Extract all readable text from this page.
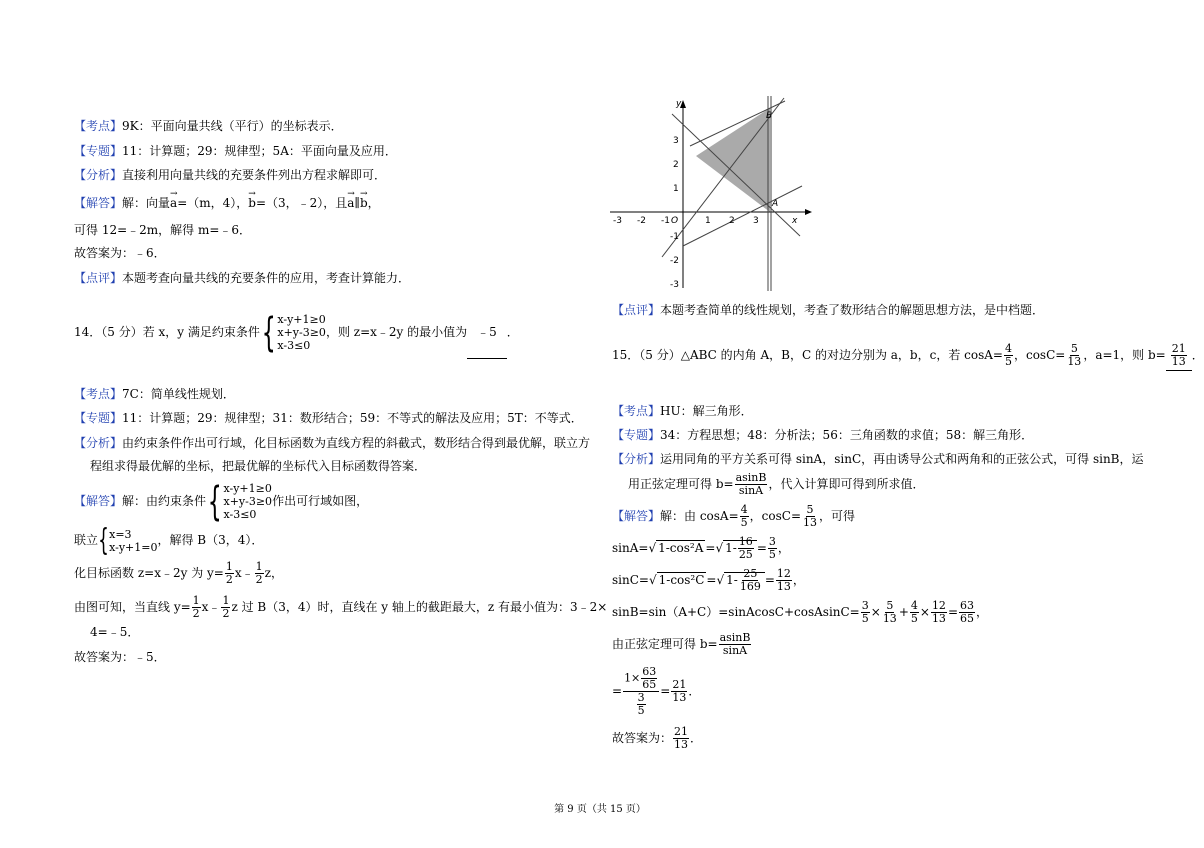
【考点】9K：平面向量共线（平行）的坐标表示．
【专题】11：计算题；29：规律型；5A：平面向量及应用．
【分析】直接利用向量共线的充要条件列出方程求解即可．
【解答】解：向量→ a=（m，4），→ b=（3，﹣2），且→ a∥→ b，
可得 12=﹣2m，解得 m=﹣6．
故答案为：﹣6．
【点评】本题考查向量共线的充要条件的应用，考查计算能力．
14．（5 分）若 x，y 满足约束条件 { x-y+1≥0
x+y-3≥0
x-3≤0
，则 z=x﹣2y 的最小值为 ﹣5 ．
【考点】7C：简单线性规划．
【专题】11：计算题；29：规律型；31：数形结合；59：不等式的解法及应用；5T：不等式．
【分析】由约束条件作出可行域，化目标函数为直线方程的斜截式，数形结合得到最优解，联立方
程组求得最优解的坐标，把最优解的坐标代入目标函数得答案．
【解答】解：由约束条件 { x-y+1≥0
x+y-3≥0
x-3≤0
作出可行域如图，
联立 { x=3
x-y+1=0 ，解得 B（3，4）．
化目标函数 z=x﹣2y 为 $y= \frac{1}{2}$ x﹣ $\frac{1}{2}$ z，
由图可知，当直线 $y= \frac{1}{2}$ x﹣ $\frac{1}{2}$ z 过 B（3，4）时，直线在 y 轴上的截距最大，z 有最小值为：3﹣2×
4=﹣5．
故答案为：﹣5．
y
x
O
B
A
-3 -2 -1	1 2 3
3
2
1
-1
-2
-3
【点评】本题考查简单的线性规划，考查了数形结合的解题思想方法，是中档题．
15．（5 分）△ABC 的内角 A，B，C 的对边分别为 a，b，c，若 $\cos A= \frac{4}{5}$ ，$\cos C= \frac{5}{13}$ ，a=1，则 $b= \frac{21}{13}$ ．
【考点】HU：解三角形．
【专题】34：方程思想；48：分析法；56：三角函数的求值；58：解三角形．
【分析】运用同角的平方关系可得 sinA，sinC，再由诱导公式和两角和的正弦公式，可得 sinB，运
用正弦定理可得 $b= \frac{asinB}{\sin A}$ ，代入计算即可得到所求值．
【解答】解：由 $\cos A= \frac{4}{5}$ ，$\cos C= \frac{5}{13}$ ，可得
sinA=√ 1-cos²A =√ $1- \frac{16}{25} = \frac{3}{5}$ ，
sinC=√ 1-cos²C =√ $1- \frac{25}{169} = \frac{12}{13}$ ，
sinB=sin（A+C）=sinAcosC+cosAsinC= $\frac{3}{5} \times \frac{5}{13} + \frac{4}{5} \times \frac{12}{13} = \frac{63}{65}$ ，
由正弦定理可得 $b= \frac{asinB}{\sin A}$
= $\frac{1\times \frac{63}{65}}{\frac{3}{5}} = \frac{21}{13}$ ．
故答案为： $\frac{21}{13}$ ．
第 9 页（共 15 页）
